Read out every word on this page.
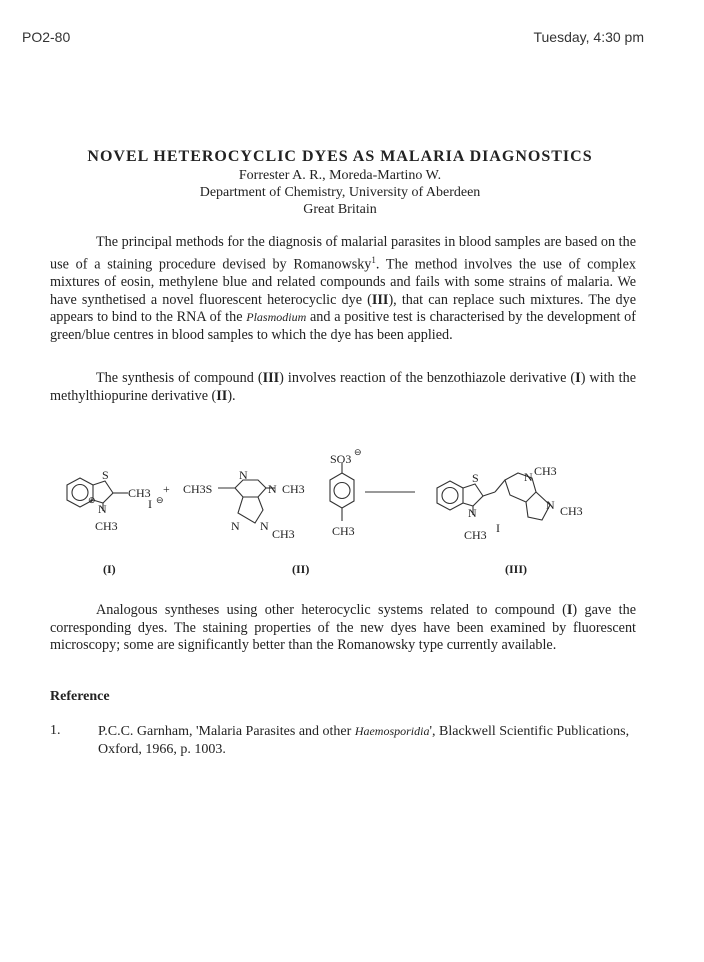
PO2-80	Tuesday, 4:30 pm
NOVEL HETEROCYCLIC DYES AS MALARIA DIAGNOSTICS
Forrester A. R., Moreda-Martino W.
Department of Chemistry, University of Aberdeen
Great Britain
The principal methods for the diagnosis of malarial parasites in blood samples are based on the use of a staining procedure devised by Romanowsky$^1$. The method involves the use of complex mixtures of eosin, methylene blue and related compounds and fails with some strains of malaria. We have synthetised a novel fluorescent heterocyclic dye (III), that can replace such mixtures. The dye appears to bind to the RNA of the Plasmodium and a positive test is characterised by the development of green/blue centres in blood samples to which the dye has been applied.
The synthesis of compound (III) involves reaction of the benzothiazole derivative (I) with the methylthiopurine derivative (II).
S
CH3
N
⊕
CH3
I ⊖
+ CH3S
N
N CH3
N N
CH3
SO3 ⊖
CH3
S
N
CH3 I
N CH3
N CH3
(I)	(II)	(III)
Analogous syntheses using other heterocyclic systems related to compound (I) gave the corresponding dyes. The staining properties of the new dyes have been examined by fluorescent microscopy; some are significantly better than the Romanowsky type currently available.
Reference
1.	P.C.C. Garnham, 'Malaria Parasites and other Haemosporidia', Blackwell Scientific Publications, Oxford, 1966, p. 1003.
